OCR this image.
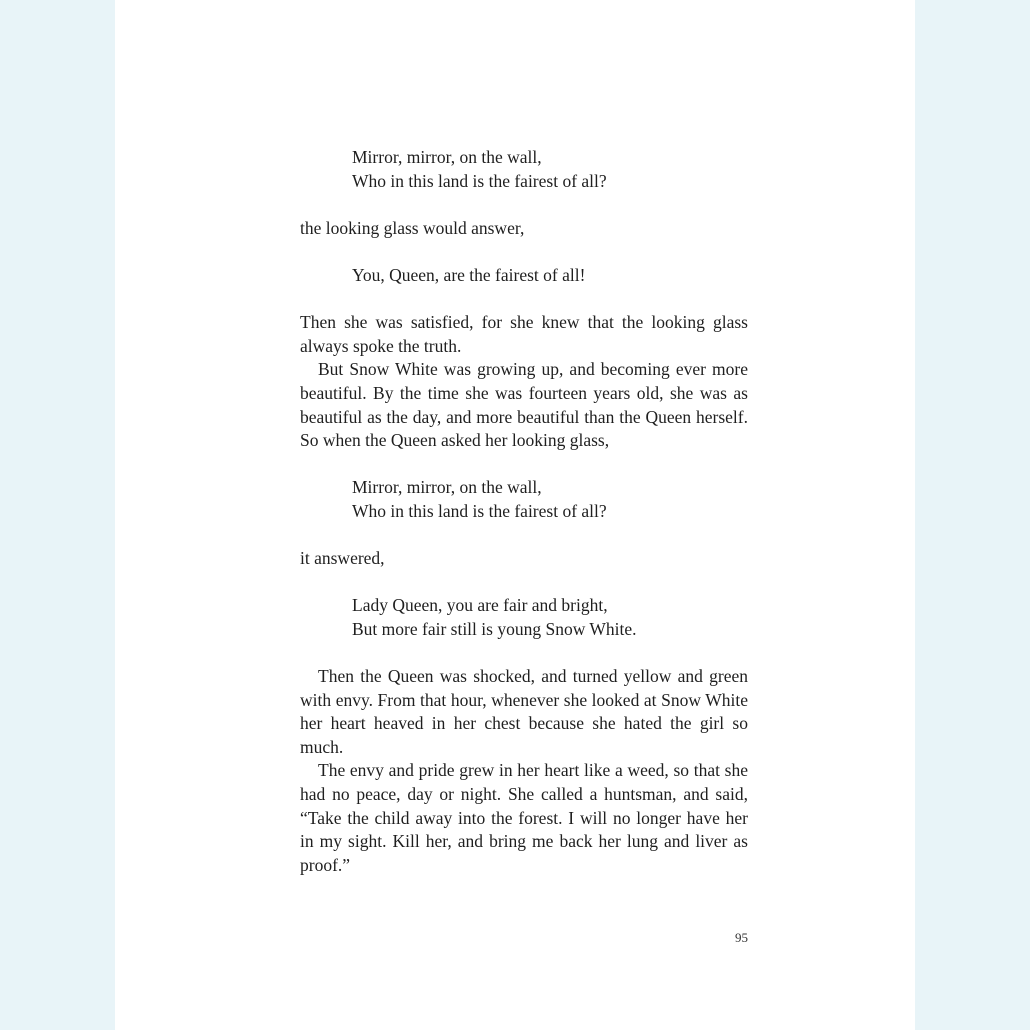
Mirror, mirror, on the wall,
Who in this land is the fairest of all?

the looking glass would answer,

You, Queen, are the fairest of all!

Then she was satisfied, for she knew that the looking glass always spoke the truth.

But Snow White was growing up, and becoming ever more beautiful. By the time she was fourteen years old, she was as beautiful as the day, and more beautiful than the Queen herself. So when the Queen asked her looking glass,

Mirror, mirror, on the wall,
Who in this land is the fairest of all?

it answered,

Lady Queen, you are fair and bright,
But more fair still is young Snow White.

Then the Queen was shocked, and turned yellow and green with envy. From that hour, whenever she looked at Snow White her heart heaved in her chest because she hated the girl so much.

The envy and pride grew in her heart like a weed, so that she had no peace, day or night. She called a huntsman, and said, “Take the child away into the forest. I will no longer have her in my sight. Kill her, and bring me back her lung and liver as proof.”

95
